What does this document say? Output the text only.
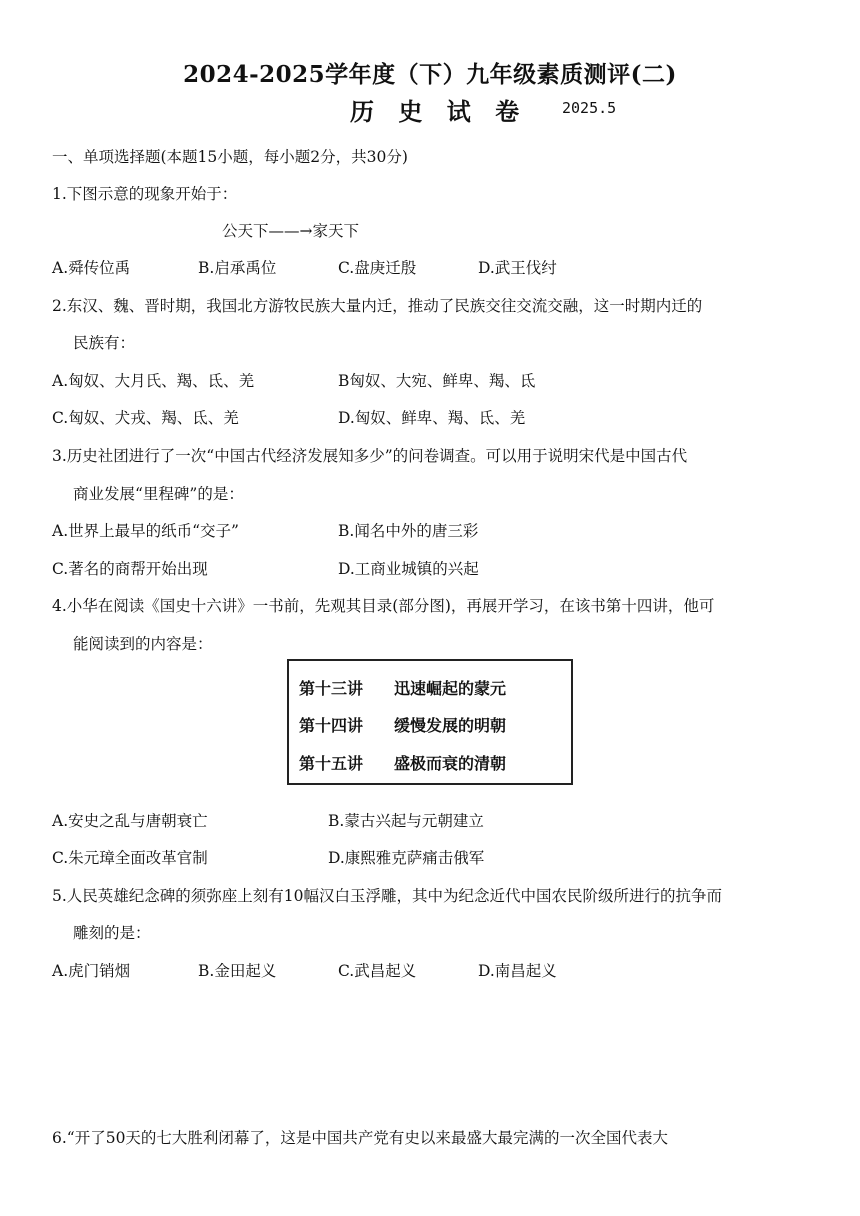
2024-2025学年度（下）九年级素质测评(二)
历 史 试 卷 2025.5
一、单项选择题(本题15小题，每小题2分，共30分)
1.下图示意的现象开始于：
公天下——→家天下
A.舜传位禹	B.启承禹位	C.盘庚迁殷	D.武王伐纣
2.东汉、魏、晋时期，我国北方游牧民族大量内迁，推动了民族交往交流交融，这一时期内迁的
民族有：
A.匈奴、大月氏、羯、氐、羌	B匈奴、大宛、鲜卑、羯、氐
C.匈奴、犬戎、羯、氐、羌	D.匈奴、鲜卑、羯、氐、羌
3.历史社团进行了一次“中国古代经济发展知多少”的问卷调查。可以用于说明宋代是中国古代
商业发展“里程碑”的是：
A.世界上最早的纸币“交子”	B.闻名中外的唐三彩
C.著名的商帮开始出现	D.工商业城镇的兴起
4.小华在阅读《国史十六讲》一书前，先观其目录(部分图)，再展开学习，在该书第十四讲，他可
能阅读到的内容是：
第十三讲 迅速崛起的蒙元
第十四讲 缓慢发展的明朝
第十五讲 盛极而衰的清朝
A.安史之乱与唐朝衰亡	B.蒙古兴起与元朝建立
C.朱元璋全面改革官制	D.康熙雅克萨痛击俄军
5.人民英雄纪念碑的须弥座上刻有10幅汉白玉浮雕，其中为纪念近代中国农民阶级所进行的抗争而
雕刻的是：
A.虎门销烟	B.金田起义	C.武昌起义	D.南昌起义
6.“开了50天的七大胜利闭幕了，这是中国共产党有史以来最盛大最完满的一次全国代表大
